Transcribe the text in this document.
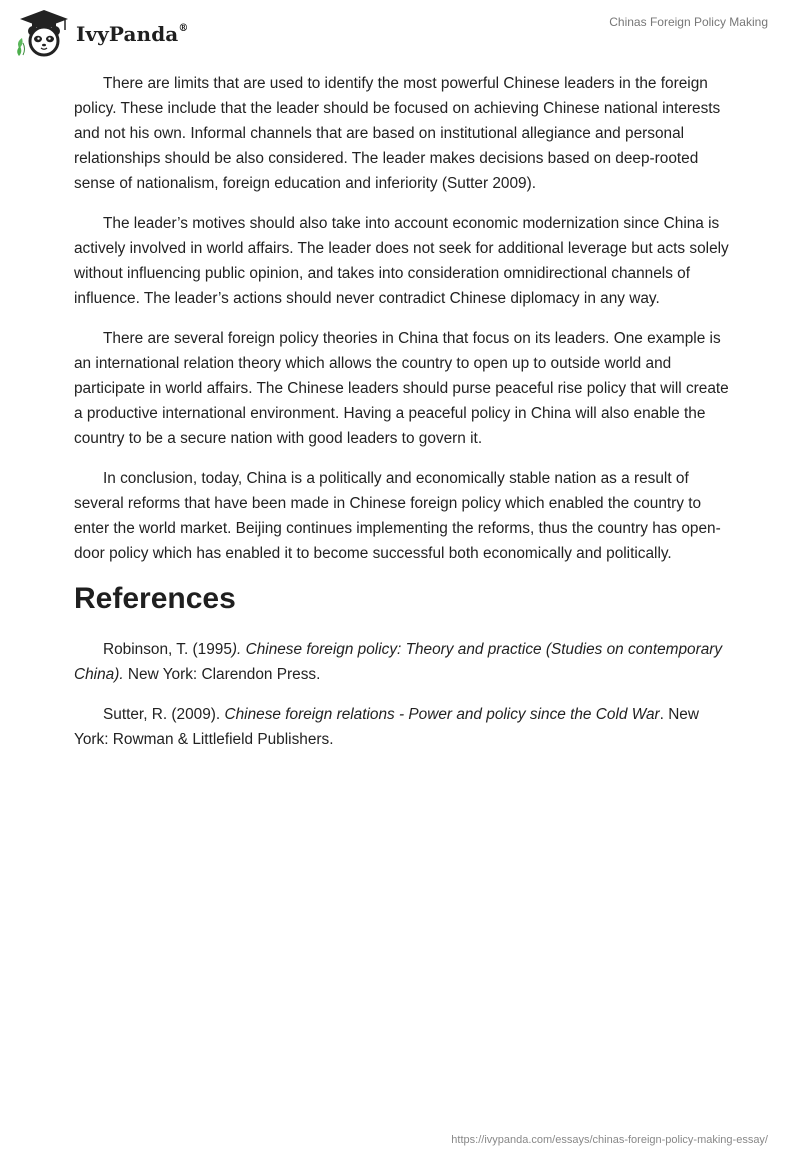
IvyPanda®	Chinas Foreign Policy Making

There are limits that are used to identify the most powerful Chinese leaders in the foreign policy. These include that the leader should be focused on achieving Chinese national interests and not his own. Informal channels that are based on institutional allegiance and personal relationships should be also considered. The leader makes decisions based on deep-rooted sense of nationalism, foreign education and inferiority (Sutter 2009).

The leader’s motives should also take into account economic modernization since China is actively involved in world affairs. The leader does not seek for additional leverage but acts solely without influencing public opinion, and takes into consideration omnidirectional channels of influence. The leader’s actions should never contradict Chinese diplomacy in any way.

There are several foreign policy theories in China that focus on its leaders. One example is an international relation theory which allows the country to open up to outside world and participate in world affairs. The Chinese leaders should purse peaceful rise policy that will create a productive international environment. Having a peaceful policy in China will also enable the country to be a secure nation with good leaders to govern it.

In conclusion, today, China is a politically and economically stable nation as a result of several reforms that have been made in Chinese foreign policy which enabled the country to enter the world market. Beijing continues implementing the reforms, thus the country has open-door policy which has enabled it to become successful both economically and politically.

References

Robinson, T. (1995). Chinese foreign policy: Theory and practice (Studies on contemporary China). New York: Clarendon Press.

Sutter, R. (2009). Chinese foreign relations - Power and policy since the Cold War. New York: Rowman & Littlefield Publishers.

https://ivypanda.com/essays/chinas-foreign-policy-making-essay/
